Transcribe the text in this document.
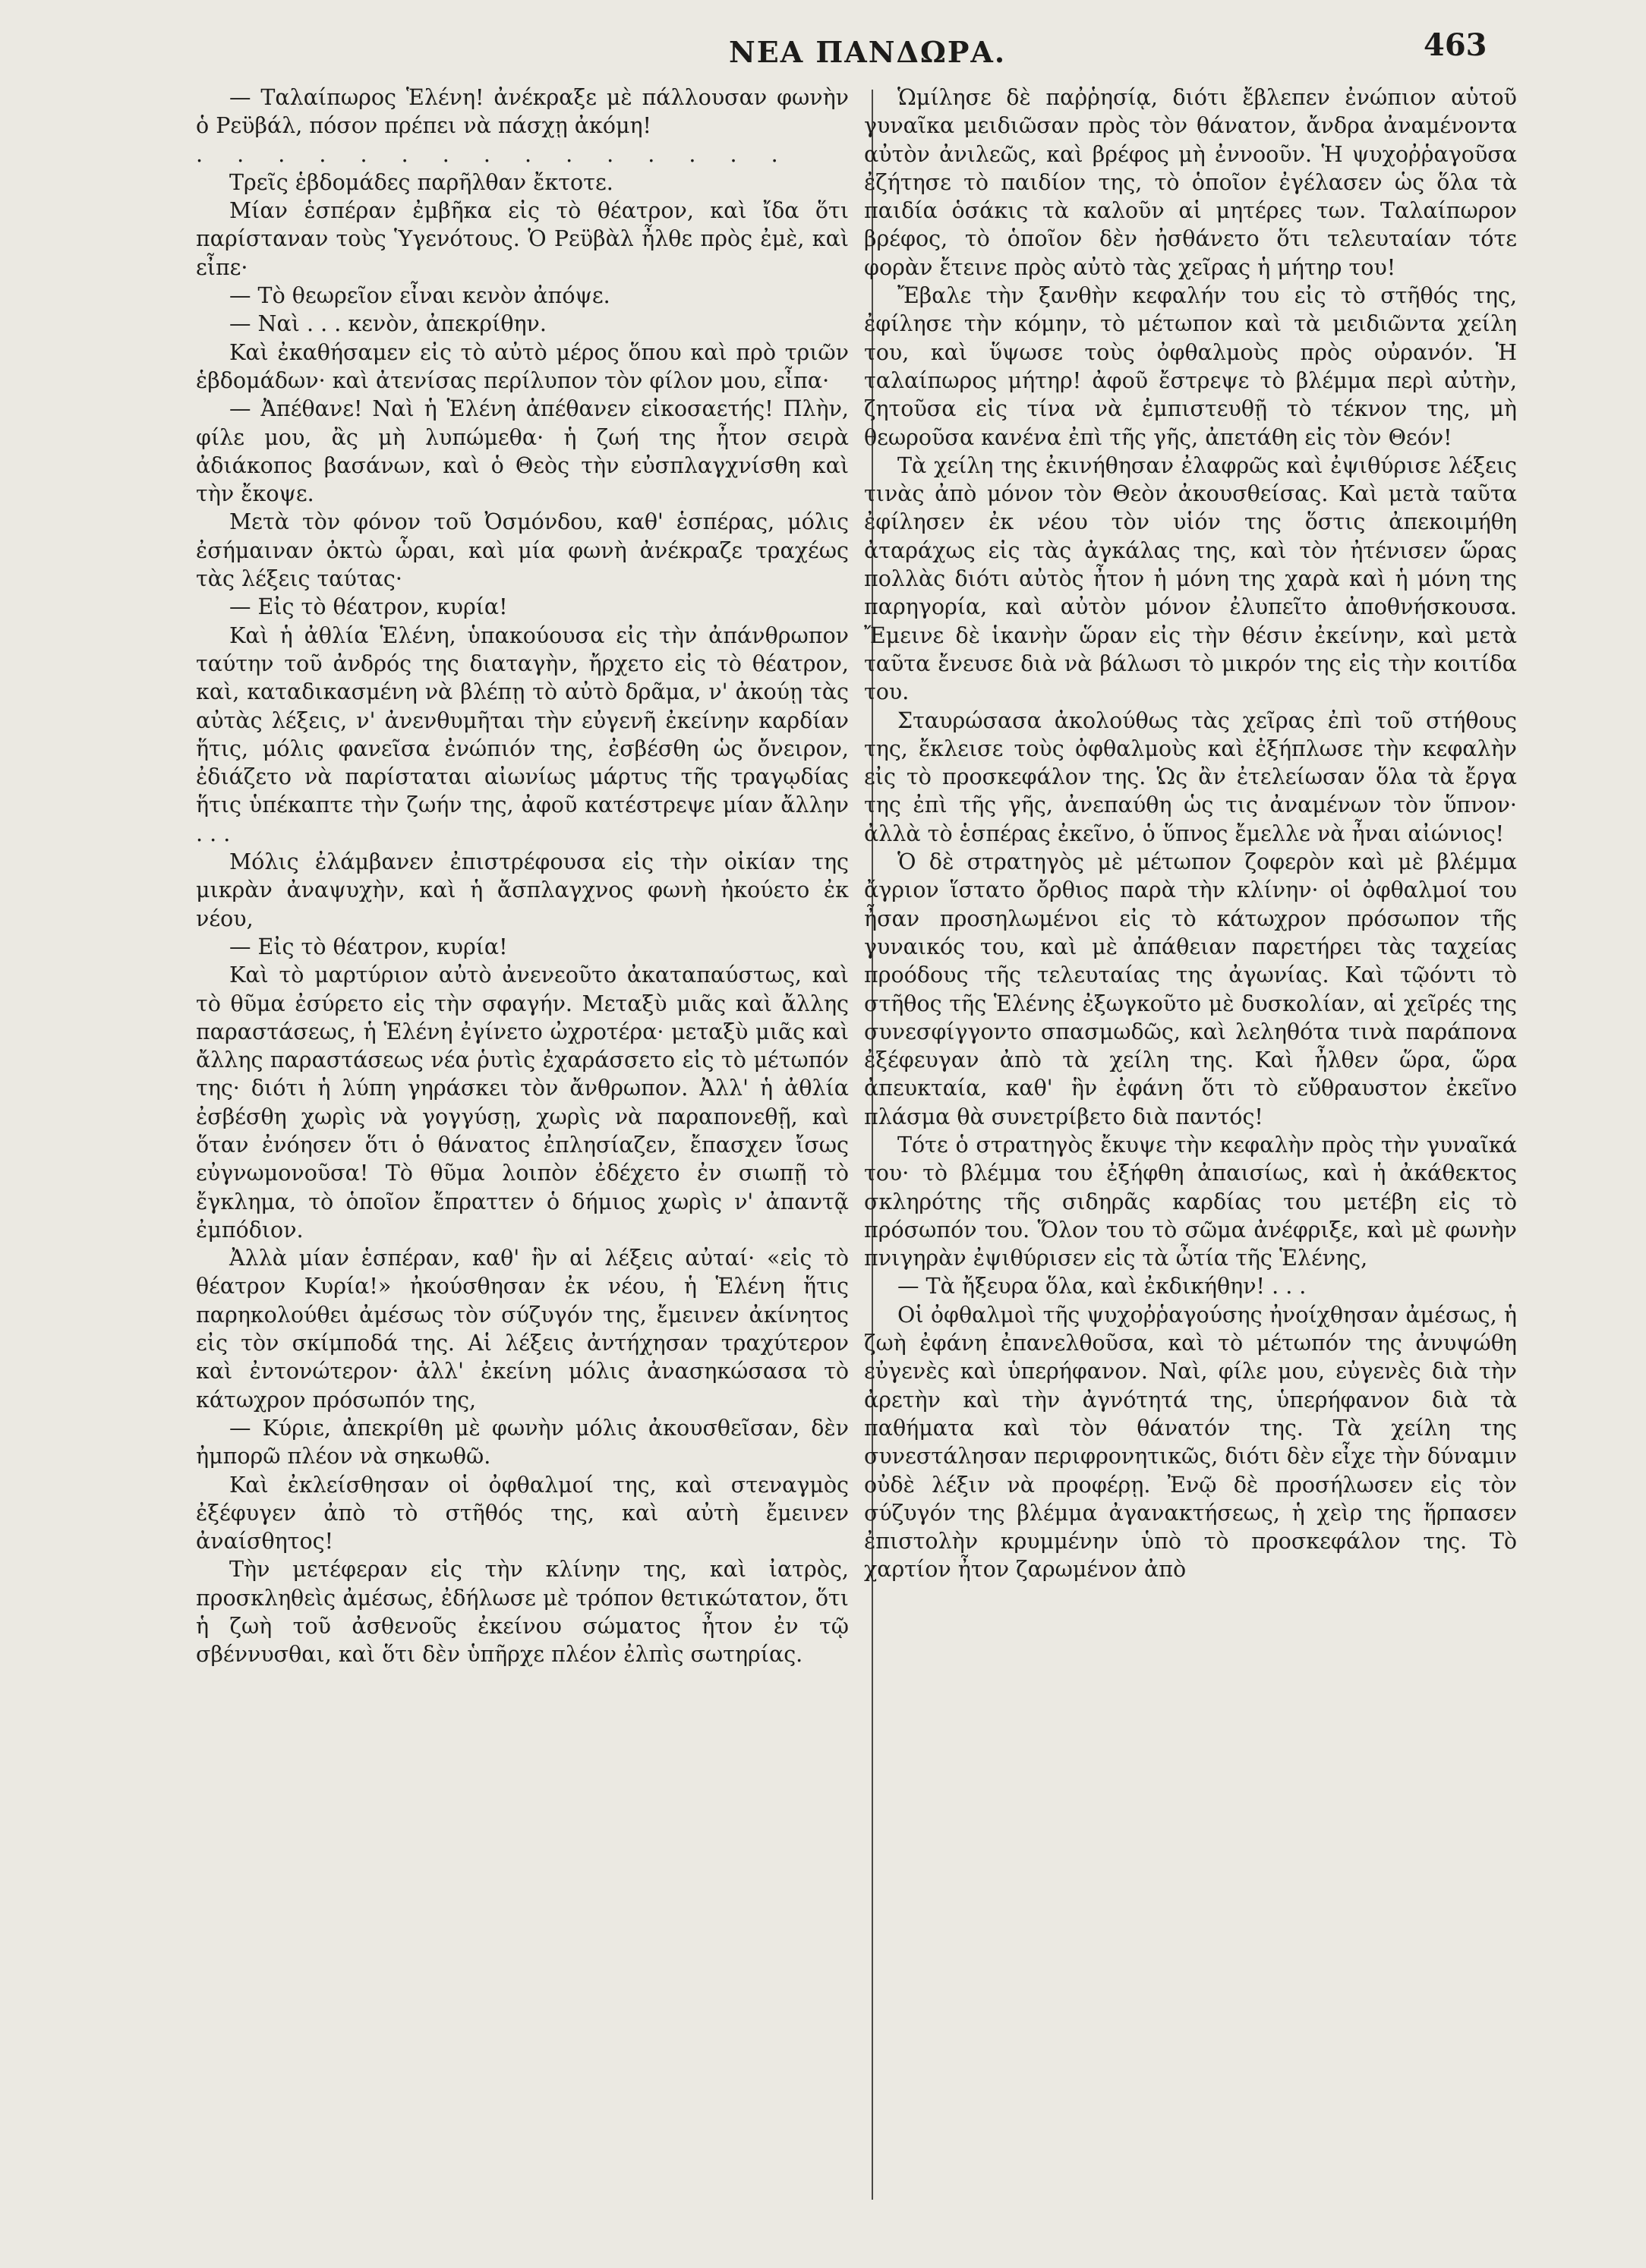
ΝΕΑ ΠΑΝΔΩΡΑ.	463

— Ταλαίπωρος Ἑλένη! ἀνέκραξε μὲ πάλλουσαν φωνὴν ὁ Ρεϋβάλ, πόσον πρέπει νὰ πάσχῃ ἀκόμη!

. . . . . . . . . . . . . . .

Τρεῖς ἑβδομάδες παρῆλθαν ἔκτοτε.

Μίαν ἑσπέραν ἐμβῆκα εἰς τὸ θέατρον, καὶ ἴδα ὅτι παρίσταναν τοὺς Ὑγενότους. Ὁ Ρεϋβὰλ ἦλθε πρὸς ἐμὲ, καὶ εἶπε·

— Τὸ θεωρεῖον εἶναι κενὸν ἀπόψε.

— Ναὶ . . . κενὸν, ἀπεκρίθην.

Καὶ ἐκαθήσαμεν εἰς τὸ αὐτὸ μέρος ὅπου καὶ πρὸ τριῶν ἑβδομάδων· καὶ ἀτενίσας περίλυπον τὸν φίλον μου, εἶπα·

— Ἀπέθανε! Ναὶ ἡ Ἑλένη ἀπέθανεν εἰκοσαετής! Πλὴν, φίλε μου, ἂς μὴ λυπώμεθα· ἡ ζωή της ἦτον σειρὰ ἀδιάκοπος βασάνων, καὶ ὁ Θεὸς τὴν εὐσπλαγχνίσθη καὶ τὴν ἔκοψε.

Μετὰ τὸν φόνον τοῦ Ὀσμόνδου, καθ' ἑσπέρας, μόλις ἐσήμαιναν ὀκτὼ ὧραι, καὶ μία φωνὴ ἀνέκραζε τραχέως τὰς λέξεις ταύτας·

— Εἰς τὸ θέατρον, κυρία!

Καὶ ἡ ἀθλία Ἑλένη, ὑπακούουσα εἰς τὴν ἀπάνθρωπον ταύτην τοῦ ἀνδρός της διαταγὴν, ἤρχετο εἰς τὸ θέατρον, καὶ, καταδικασμένη νὰ βλέπῃ τὸ αὐτὸ δρᾶμα, ν' ἀκούῃ τὰς αὐτὰς λέξεις, ν' ἀνενθυμῆται τὴν εὐγενῆ ἐκείνην καρδίαν ἥτις, μόλις φανεῖσα ἐνώπιόν της, ἐσβέσθη ὡς ὄνειρον, ἐδιάζετο νὰ παρίσταται αἰωνίως μάρτυς τῆς τραγῳδίας ἥτις ὑπέκαπτε τὴν ζωήν της, ἀφοῦ κατέστρεψε μίαν ἄλλην . . .

Μόλις ἐλάμβανεν ἐπιστρέφουσα εἰς τὴν οἰκίαν της μικρὰν ἀναψυχὴν, καὶ ἡ ἄσπλαγχνος φωνὴ ἠκούετο ἐκ νέου,

— Εἰς τὸ θέατρον, κυρία!

Καὶ τὸ μαρτύριον αὐτὸ ἀνενεοῦτο ἀκαταπαύστως, καὶ τὸ θῦμα ἐσύρετο εἰς τὴν σφαγήν. Μεταξὺ μιᾶς καὶ ἄλλης παραστάσεως, ἡ Ἑλένη ἐγίνετο ὠχροτέρα· μεταξὺ μιᾶς καὶ ἄλλης παραστάσεως νέα ῥυτὶς ἐχαράσσετο εἰς τὸ μέτωπόν της· διότι ἡ λύπη γηράσκει τὸν ἄνθρωπον. Ἀλλ' ἡ ἀθλία ἐσβέσθη χωρὶς νὰ γογγύσῃ, χωρὶς νὰ παραπονεθῇ, καὶ ὅταν ἐνόησεν ὅτι ὁ θάνατος ἐπλησίαζεν, ἔπασχεν ἴσως εὐγνωμονοῦσα! Τὸ θῦμα λοιπὸν ἐδέχετο ἐν σιωπῇ τὸ ἔγκλημα, τὸ ὁποῖον ἔπραττεν ὁ δήμιος χωρὶς ν' ἀπαντᾷ ἐμπόδιον.

Ἀλλὰ μίαν ἑσπέραν, καθ' ἣν αἱ λέξεις αὐταί· «εἰς τὸ θέατρον Κυρία!» ἠκούσθησαν ἐκ νέου, ἡ Ἑλένη ἥτις παρηκολούθει ἀμέσως τὸν σύζυγόν της, ἔμεινεν ἀκίνητος εἰς τὸν σκίμποδά της. Αἱ λέξεις ἀντήχησαν τραχύτερον καὶ ἐντονώτερον· ἀλλ' ἐκείνη μόλις ἀνασηκώσασα τὸ κάτωχρον πρόσωπόν της,

— Κύριε, ἀπεκρίθη μὲ φωνὴν μόλις ἀκουσθεῖσαν, δὲν ἠμπορῶ πλέον νὰ σηκωθῶ.

Καὶ ἐκλείσθησαν οἱ ὀφθαλμοί της, καὶ στεναγμὸς ἐξέφυγεν ἀπὸ τὸ στῆθός της, καὶ αὐτὴ ἔμεινεν ἀναίσθητος!

Τὴν μετέφεραν εἰς τὴν κλίνην της, καὶ ἰατρὸς, προσκληθεὶς ἀμέσως, ἐδήλωσε μὲ τρόπον θετικώτατον, ὅτι ἡ ζωὴ τοῦ ἀσθενοῦς ἐκείνου σώματος ἦτον ἐν τῷ σβέννυσθαι, καὶ ὅτι δὲν ὑπῆρχε πλέον ἐλπὶς σωτηρίας.

Ὡμίλησε δὲ παῤῥησίᾳ, διότι ἔβλεπεν ἐνώπιον αὑτοῦ γυναῖκα μειδιῶσαν πρὸς τὸν θάνατον, ἄνδρα ἀναμένοντα αὐτὸν ἀνιλεῶς, καὶ βρέφος μὴ ἐννοοῦν. Ἡ ψυχοῤῥαγοῦσα ἐζήτησε τὸ παιδίον της, τὸ ὁποῖον ἐγέλασεν ὡς ὅλα τὰ παιδία ὁσάκις τὰ καλοῦν αἱ μητέρες των. Ταλαίπωρον βρέφος, τὸ ὁποῖον δὲν ἠσθάνετο ὅτι τελευταίαν τότε φορὰν ἔτεινε πρὸς αὐτὸ τὰς χεῖρας ἡ μήτηρ του!

Ἔβαλε τὴν ξανθὴν κεφαλήν του εἰς τὸ στῆθός της, ἐφίλησε τὴν κόμην, τὸ μέτωπον καὶ τὰ μειδιῶντα χείλη του, καὶ ὕψωσε τοὺς ὀφθαλμοὺς πρὸς οὐρανόν. Ἡ ταλαίπωρος μήτηρ! ἀφοῦ ἔστρεψε τὸ βλέμμα περὶ αὐτὴν, ζητοῦσα εἰς τίνα νὰ ἐμπιστευθῇ τὸ τέκνον της, μὴ θεωροῦσα κανένα ἐπὶ τῆς γῆς, ἀπετάθη εἰς τὸν Θεόν!

Τὰ χείλη της ἐκινήθησαν ἐλαφρῶς καὶ ἐψιθύρισε λέξεις τινὰς ἀπὸ μόνον τὸν Θεὸν ἀκουσθείσας. Καὶ μετὰ ταῦτα ἐφίλησεν ἐκ νέου τὸν υἱόν της ὅστις ἀπεκοιμήθη ἀταράχως εἰς τὰς ἀγκάλας της, καὶ τὸν ἠτένισεν ὥρας πολλὰς διότι αὐτὸς ἦτον ἡ μόνη της χαρὰ καὶ ἡ μόνη της παρηγορία, καὶ αὐτὸν μόνον ἐλυπεῖτο ἀποθνήσκουσα. Ἔμεινε δὲ ἱκανὴν ὥραν εἰς τὴν θέσιν ἐκείνην, καὶ μετὰ ταῦτα ἔνευσε διὰ νὰ βάλωσι τὸ μικρόν της εἰς τὴν κοιτίδα του.

Σταυρώσασα ἀκολούθως τὰς χεῖρας ἐπὶ τοῦ στήθους της, ἔκλεισε τοὺς ὀφθαλμοὺς καὶ ἐξήπλωσε τὴν κεφαλὴν εἰς τὸ προσκεφάλον της. Ὡς ἂν ἐτελείωσαν ὅλα τὰ ἔργα της ἐπὶ τῆς γῆς, ἀνεπαύθη ὡς τις ἀναμένων τὸν ὕπνον· ἀλλὰ τὸ ἑσπέρας ἐκεῖνο, ὁ ὕπνος ἔμελλε νὰ ἦναι αἰώνιος!

Ὁ δὲ στρατηγὸς μὲ μέτωπον ζοφερὸν καὶ μὲ βλέμμα ἄγριον ἵστατο ὄρθιος παρὰ τὴν κλίνην· οἱ ὀφθαλμοί του ἦσαν προσηλωμένοι εἰς τὸ κάτωχρον πρόσωπον τῆς γυναικός του, καὶ μὲ ἀπάθειαν παρετήρει τὰς ταχείας προόδους τῆς τελευταίας της ἀγωνίας. Καὶ τῷόντι τὸ στῆθος τῆς Ἑλένης ἐξωγκοῦτο μὲ δυσκολίαν, αἱ χεῖρές της συνεσφίγγοντο σπασμωδῶς, καὶ λεληθότα τινὰ παράπονα ἐξέφευγαν ἀπὸ τὰ χείλη της. Καὶ ἦλθεν ὥρα, ὥρα ἀπευκταία, καθ' ἣν ἐφάνη ὅτι τὸ εὔθραυστον ἐκεῖνο πλάσμα θὰ συνετρίβετο διὰ παντός!

Τότε ὁ στρατηγὸς ἔκυψε τὴν κεφαλὴν πρὸς τὴν γυναῖκά του· τὸ βλέμμα του ἐξήφθη ἀπαισίως, καὶ ἡ ἀκάθεκτος σκληρότης τῆς σιδηρᾶς καρδίας του μετέβη εἰς τὸ πρόσωπόν του. Ὅλον του τὸ σῶμα ἀνέφριξε, καὶ μὲ φωνὴν πνιγηρὰν ἐψιθύρισεν εἰς τὰ ὦτία τῆς Ἑλένης,

— Τὰ ἤξευρα ὅλα, καὶ ἐκδικήθην! . . .

Οἱ ὀφθαλμοὶ τῆς ψυχοῤῥαγούσης ἠνοίχθησαν ἀμέσως, ἡ ζωὴ ἐφάνη ἐπανελθοῦσα, καὶ τὸ μέτωπόν της ἀνυψώθη εὐγενὲς καὶ ὑπερήφανον. Ναὶ, φίλε μου, εὐγενὲς διὰ τὴν ἀρετὴν καὶ τὴν ἀγνότητά της, ὑπερήφανον διὰ τὰ παθήματα καὶ τὸν θάνατόν της. Τὰ χείλη της συνεστάλησαν περιφρονητικῶς, διότι δὲν εἶχε τὴν δύναμιν οὐδὲ λέξιν νὰ προφέρῃ. Ἐνῷ δὲ προσήλωσεν εἰς τὸν σύζυγόν της βλέμμα ἀγανακτήσεως, ἡ χεὶρ της ἥρπασεν ἐπιστολὴν κρυμμένην ὑπὸ τὸ προσκεφάλον της. Τὸ χαρτίον ἦτον ζαρωμένον ἀπὸ
